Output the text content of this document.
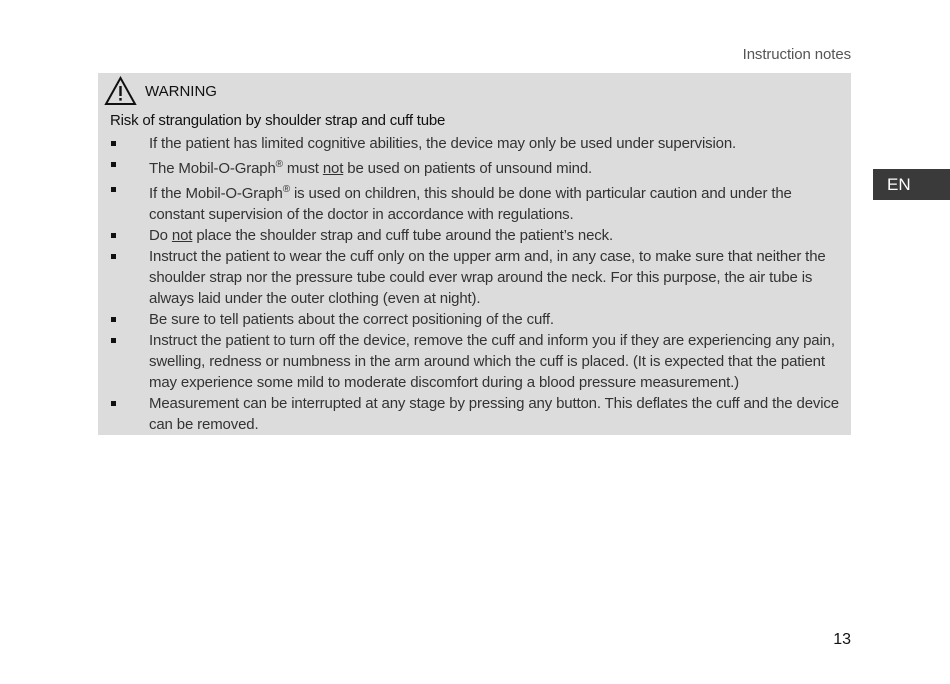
Instruction notes
EN
WARNING
Risk of strangulation by shoulder strap and cuff tube
If the patient has limited cognitive abilities, the device may only be used under supervision.
The Mobil-O-Graph® must not be used on patients of unsound mind.
If the Mobil-O-Graph® is used on children, this should be done with particular caution and under the constant supervision of the doctor in accordance with regulations.
Do not place the shoulder strap and cuff tube around the patient’s neck.
Instruct the patient to wear the cuff only on the upper arm and, in any case, to make sure that neither the shoulder strap nor the pressure tube could ever wrap around the neck. For this purpose, the air tube is always laid under the outer clothing (even at night).
Be sure to tell patients about the correct positioning of the cuff.
Instruct the patient to turn off the device, remove the cuff and inform you if they are experiencing any pain, swelling, redness or numbness in the arm around which the cuff is placed. (It is expected that the patient may experience some mild to moderate discomfort during a blood pressure measurement.)
Measurement can be interrupted at any stage by pressing any button. This deflates the cuff and the device can be removed.
13
